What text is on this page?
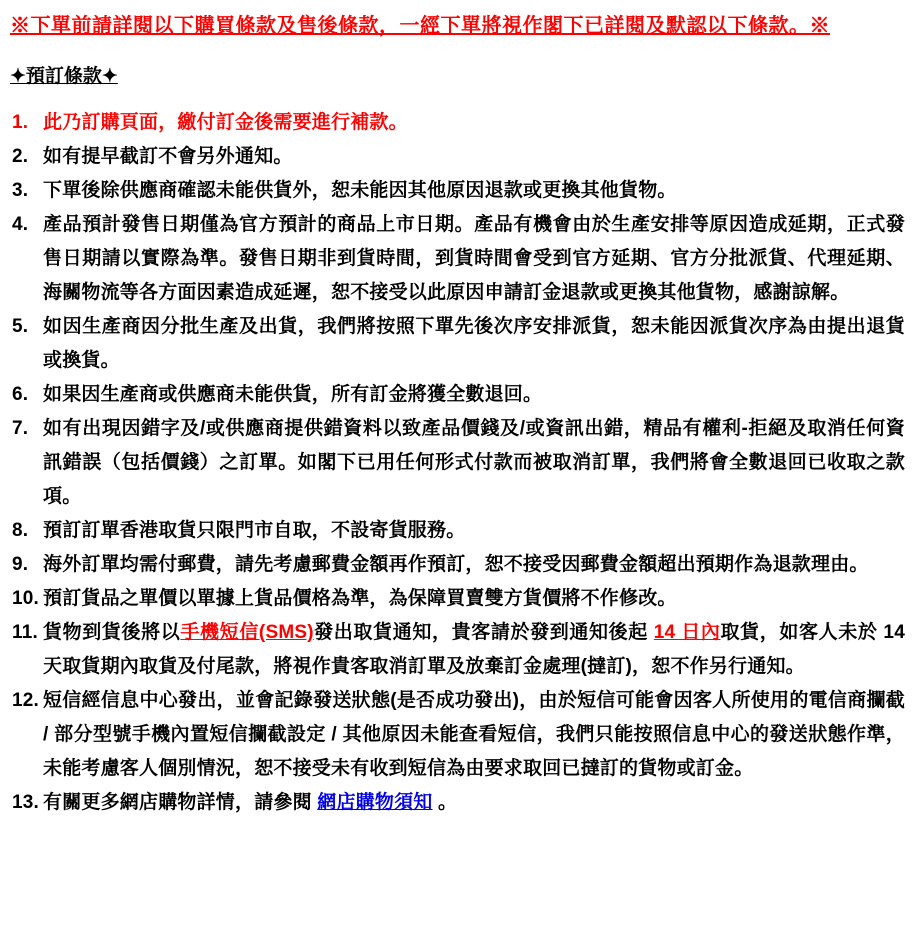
※下單前請詳閱以下購買條款及售後條款，一經下單將視作閣下已詳閱及默認以下條款。※
✦預訂條款✦
1. 此乃訂購頁面，繳付訂金後需要進行補款。
2. 如有提早截訂不會另外通知。
3. 下單後除供應商確認未能供貨外，恕未能因其他原因退款或更換其他貨物。
4. 產品預計發售日期僅為官方預計的商品上市日期。產品有機會由於生產安排等原因造成延期，正式發售日期請以實際為準。發售日期非到貨時間，到貨時間會受到官方延期、官方分批派貨、代理延期、海關物流等各方面因素造成延遲，恕不接受以此原因申請訂金退款或更換其他貨物，感謝諒解。
5. 如因生產商因分批生產及出貨，我們將按照下單先後次序安排派貨，恕未能因派貨次序為由提出退貨或換貨。
6. 如果因生產商或供應商未能供貨，所有訂金將獲全數退回。
7. 如有出現因錯字及/或供應商提供錯資料以致產品價錢及/或資訊出錯，精品有權利-拒絕及取消任何資訊錯誤（包括價錢）之訂單。如閣下已用任何形式付款而被取消訂單，我們將會全數退回已收取之款項。
8. 預訂訂單香港取貨只限門市自取，不設寄貨服務。
9. 海外訂單均需付郵費，請先考慮郵費金額再作預訂，恕不接受因郵費金額超出預期作為退款理由。
10. 預訂貨品之單價以單據上貨品價格為準，為保障買賣雙方貨價將不作修改。
11. 貨物到貨後將以手機短信(SMS)發出取貨通知，貴客請於發到通知後起 14 日內取貨，如客人未於 14 天取貨期內取貨及付尾款，將視作貴客取消訂單及放棄訂金處理(撻訂)，恕不作另行通知。
12. 短信經信息中心發出，並會記錄發送狀態(是否成功發出)，由於短信可能會因客人所使用的電信商攔截 / 部分型號手機內置短信攔截設定 / 其他原因未能查看短信，我們只能按照信息中心的發送狀態作準，未能考慮客人個別情況，恕不接受未有收到短信為由要求取回已撻訂的貨物或訂金。
13. 有關更多網店購物詳情，請參閱 網店購物須知 。
